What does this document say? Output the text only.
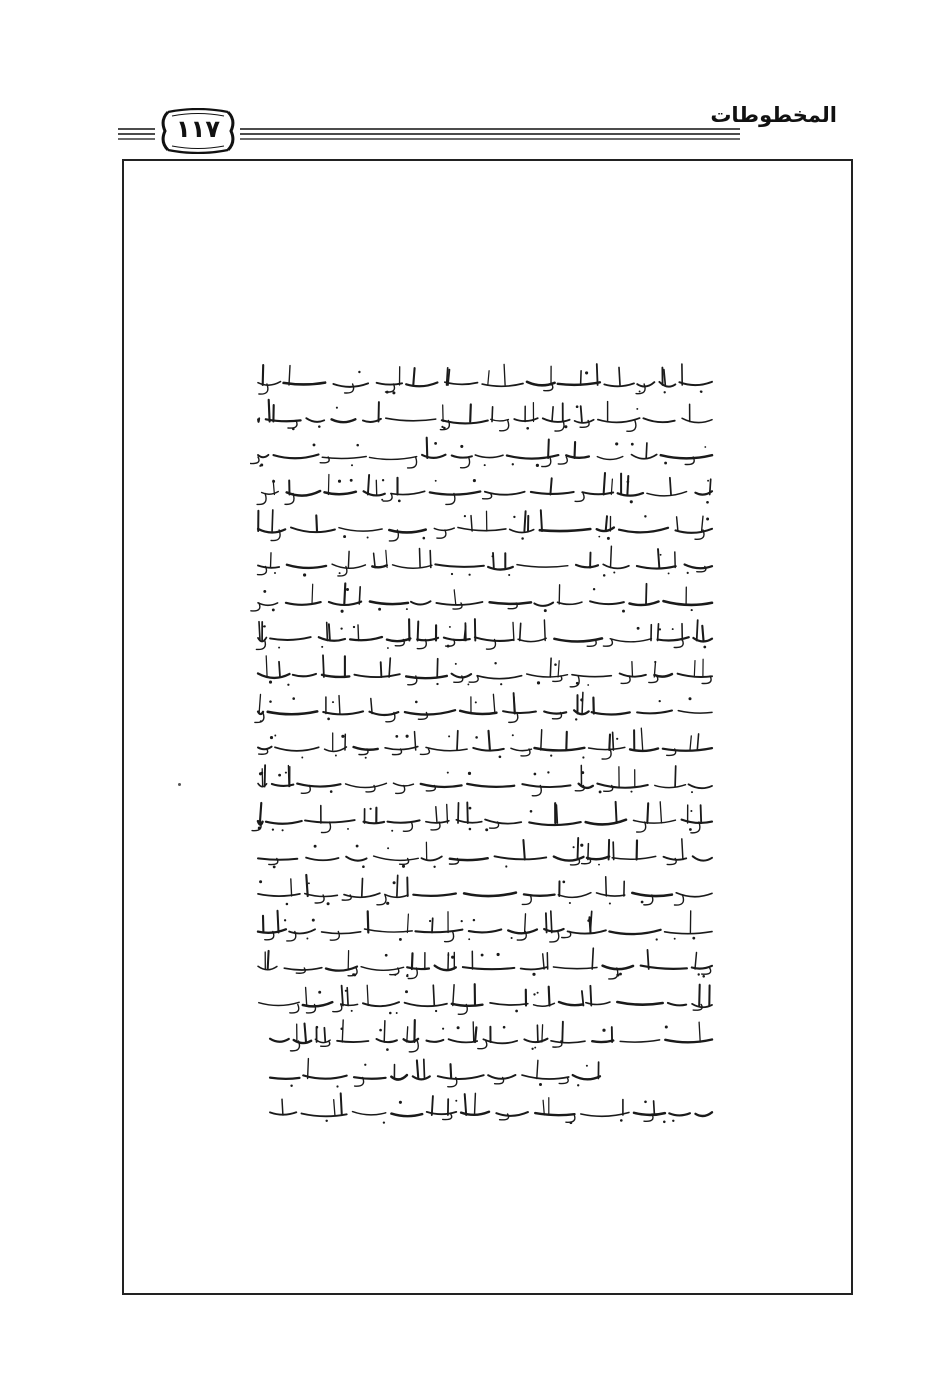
١١٧	المخطوطات
